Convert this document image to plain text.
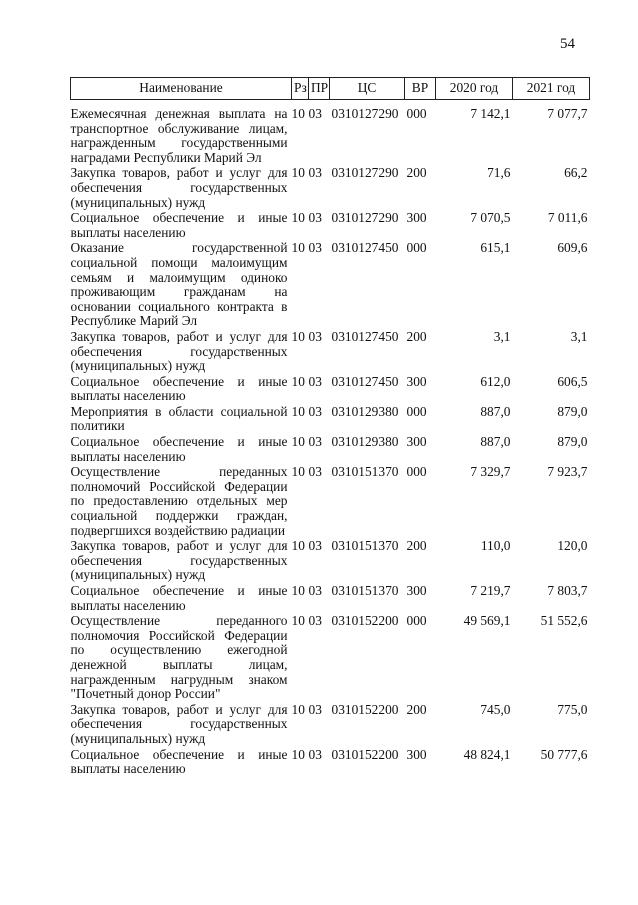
54
Наименование	Рз	ПР	ЦС	ВР	2020 год	2021 год

Ежемесячная денежная выплата на транспортное обслуживание лицам, награжденным государственными наградами Республики Марий Эл	10	03	0310127290	000	7 142,1	7 077,7
Закупка товаров, работ и услуг для обеспечения государственных (муниципальных) нужд	10	03	0310127290	200	71,6	66,2
Социальное обеспечение и иные выплаты населению	10	03	0310127290	300	7 070,5	7 011,6
Оказание государственной социальной помощи малоимущим семьям и малоимущим одиноко проживающим гражданам на основании социального контракта в Республике Марий Эл	10	03	0310127450	000	615,1	609,6
Закупка товаров, работ и услуг для обеспечения государственных (муниципальных) нужд	10	03	0310127450	200	3,1	3,1
Социальное обеспечение и иные выплаты населению	10	03	0310127450	300	612,0	606,5
Мероприятия в области социальной политики	10	03	0310129380	000	887,0	879,0
Социальное обеспечение и иные выплаты населению	10	03	0310129380	300	887,0	879,0
Осуществление переданных полномочий Российской Федерации по предоставлению отдельных мер социальной поддержки граждан, подвергшихся воздействию радиации	10	03	0310151370	000	7 329,7	7 923,7
Закупка товаров, работ и услуг для обеспечения государственных (муниципальных) нужд	10	03	0310151370	200	110,0	120,0
Социальное обеспечение и иные выплаты населению	10	03	0310151370	300	7 219,7	7 803,7
Осуществление переданного полномочия Российской Федерации по осуществлению ежегодной денежной выплаты лицам, награжденным нагрудным знаком "Почетный донор России"	10	03	0310152200	000	49 569,1	51 552,6
Закупка товаров, работ и услуг для обеспечения государственных (муниципальных) нужд	10	03	0310152200	200	745,0	775,0
Социальное обеспечение и иные выплаты населению	10	03	0310152200	300	48 824,1	50 777,6
